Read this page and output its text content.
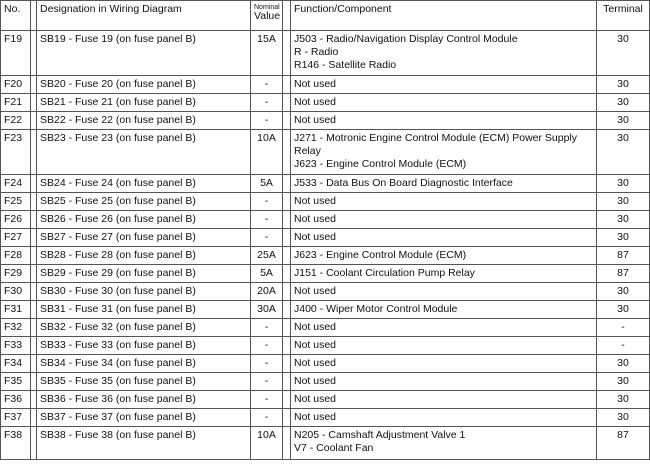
No.		Designation in Wiring Diagram	Nominal
Value		Function/Component	Terminal
F19		SB19 - Fuse 19 (on fuse panel B)	15A		J503 - Radio/Navigation Display Control Module
R - Radio
R146 - Satellite Radio	30
F20		SB20 - Fuse 20 (on fuse panel B)	-		Not used	30
F21		SB21 - Fuse 21 (on fuse panel B)	-		Not used	30
F22		SB22 - Fuse 22 (on fuse panel B)	-		Not used	30
F23		SB23 - Fuse 23 (on fuse panel B)	10A		J271 - Motronic Engine Control Module (ECM) Power Supply Relay
J623 - Engine Control Module (ECM)	30
F24		SB24 - Fuse 24 (on fuse panel B)	5A		J533 - Data Bus On Board Diagnostic Interface	30
F25		SB25 - Fuse 25 (on fuse panel B)	-		Not used	30
F26		SB26 - Fuse 26 (on fuse panel B)	-		Not used	30
F27		SB27 - Fuse 27 (on fuse panel B)	-		Not used	30
F28		SB28 - Fuse 28 (on fuse panel B)	25A		J623 - Engine Control Module (ECM)	87
F29		SB29 - Fuse 29 (on fuse panel B)	5A		J151 - Coolant Circulation Pump Relay	87
F30		SB30 - Fuse 30 (on fuse panel B)	20A		Not used	30
F31		SB31 - Fuse 31 (on fuse panel B)	30A		J400 - Wiper Motor Control Module	30
F32		SB32 - Fuse 32 (on fuse panel B)	-		Not used	-
F33		SB33 - Fuse 33 (on fuse panel B)	-		Not used	-
F34		SB34 - Fuse 34 (on fuse panel B)	-		Not used	30
F35		SB35 - Fuse 35 (on fuse panel B)	-		Not used	30
F36		SB36 - Fuse 36 (on fuse panel B)	-		Not used	30
F37		SB37 - Fuse 37 (on fuse panel B)	-		Not used	30
F38		SB38 - Fuse 38 (on fuse panel B)	10A		N205 - Camshaft Adjustment Valve 1
V7 - Coolant Fan	87
